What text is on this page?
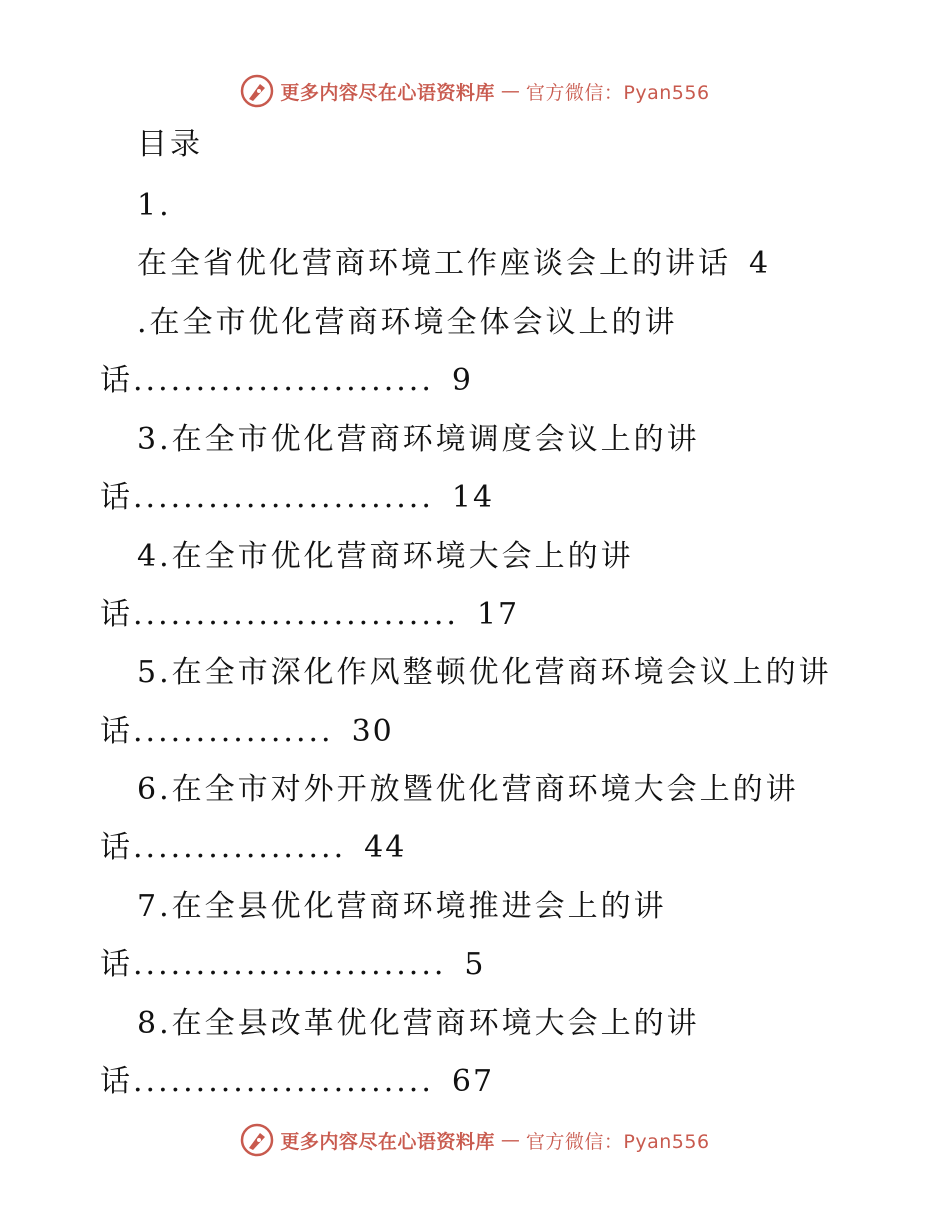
更多内容尽在心语资料库 — 官方微信：Pyan556
目录
1.
在全省优化营商环境工作座谈会上的讲话 4
.在全市优化营商环境全体会议上的讲
话........................ 9
3.在全市优化营商环境调度会议上的讲
话........................ 14
4.在全市优化营商环境大会上的讲
话.......................... 17
5.在全市深化作风整顿优化营商环境会议上的讲
话................ 30
6.在全市对外开放暨优化营商环境大会上的讲
话................. 44
7.在全县优化营商环境推进会上的讲
话......................... 5
8.在全县改革优化营商环境大会上的讲
话........................ 67
更多内容尽在心语资料库 — 官方微信：Pyan556
